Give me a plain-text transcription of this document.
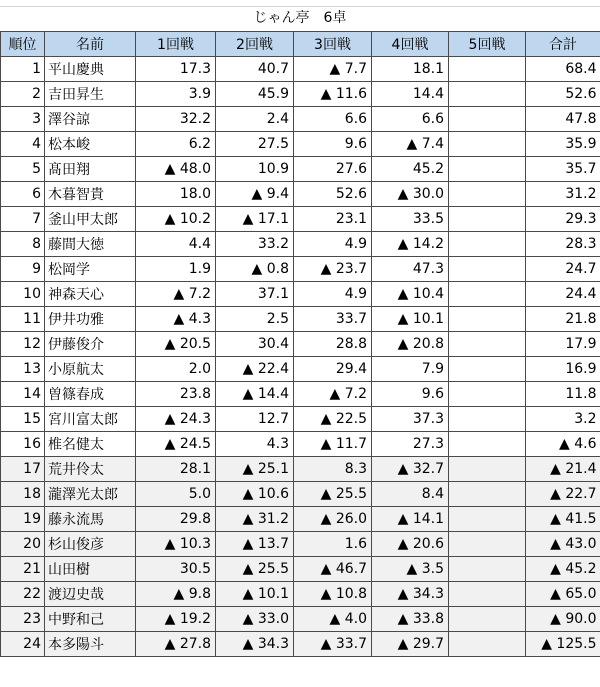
じゃん亭　6卓
順位	名前	1回戦	2回戦	3回戦	4回戦	5回戦	合計
1	平山慶典	17.3	40.7	▲ 7.7	18.1		68.4
2	吉田昇生	3.9	45.9	▲ 11.6	14.4		52.6
3	澤谷諒	32.2	2.4	6.6	6.6		47.8
4	松本峻	6.2	27.5	9.6	▲ 7.4		35.9
5	髙田翔	▲ 48.0	10.9	27.6	45.2		35.7
6	木暮智貴	18.0	▲ 9.4	52.6	▲ 30.0		31.2
7	釜山甲太郎	▲ 10.2	▲ 17.1	23.1	33.5		29.3
8	藤間大徳	4.4	33.2	4.9	▲ 14.2		28.3
9	松岡学	1.9	▲ 0.8	▲ 23.7	47.3		24.7
10	神森天心	▲ 7.2	37.1	4.9	▲ 10.4		24.4
11	伊井功雅	▲ 4.3	2.5	33.7	▲ 10.1		21.8
12	伊藤俊介	▲ 20.5	30.4	28.8	▲ 20.8		17.9
13	小原航太	2.0	▲ 22.4	29.4	7.9		16.9
14	曽篠春成	23.8	▲ 14.4	▲ 7.2	9.6		11.8
15	宮川富太郎	▲ 24.3	12.7	▲ 22.5	37.3		3.2
16	椎名健太	▲ 24.5	4.3	▲ 11.7	27.3		▲ 4.6
17	荒井伶太	28.1	▲ 25.1	8.3	▲ 32.7		▲ 21.4
18	瀧澤光太郎	5.0	▲ 10.6	▲ 25.5	8.4		▲ 22.7
19	藤永流馬	29.8	▲ 31.2	▲ 26.0	▲ 14.1		▲ 41.5
20	杉山俊彦	▲ 10.3	▲ 13.7	1.6	▲ 20.6		▲ 43.0
21	山田樹	30.5	▲ 25.5	▲ 46.7	▲ 3.5		▲ 45.2
22	渡辺史哉	▲ 9.8	▲ 10.1	▲ 10.8	▲ 34.3		▲ 65.0
23	中野和己	▲ 19.2	▲ 33.0	▲ 4.0	▲ 33.8		▲ 90.0
24	本多陽斗	▲ 27.8	▲ 34.3	▲ 33.7	▲ 29.7		▲ 125.5
